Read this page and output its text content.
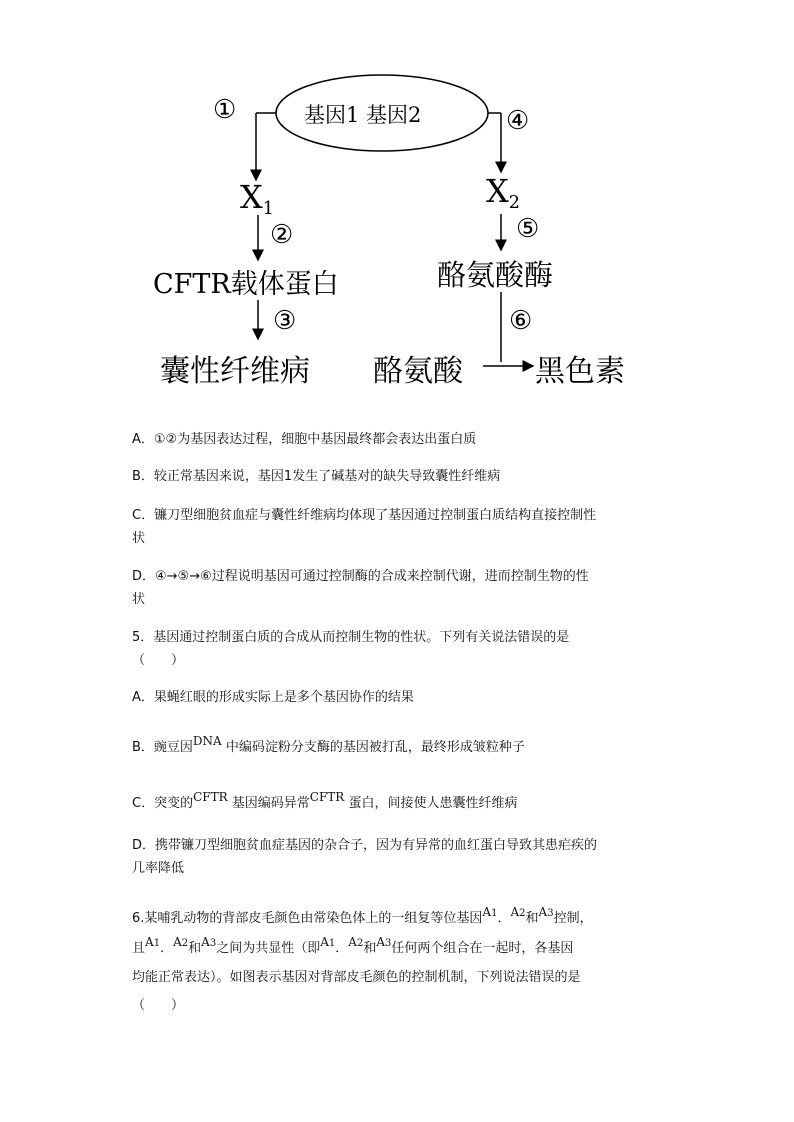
①	基因1 基因2	④
$X_1$	$X_2$
②	⑤
CFTR载体蛋白	酪氨酸酶
③	⑥
囊性纤维病 酪氨酸 黑色素
A．①②为基因表达过程，细胞中基因最终都会表达出蛋白质
B．较正常基因来说，基因1发生了碱基对的缺失导致囊性纤维病
C．镰刀型细胞贫血症与囊性纤维病均体现了基因通过控制蛋白质结构直接控制性
状
D．④→⑤→⑥过程说明基因可通过控制酶的合成来控制代谢，进而控制生物的性
状
5．基因通过控制蛋白质的合成从而控制生物的性状。下列有关说法错误的是
（　　）
A．果蝇红眼的形成实际上是多个基因协作的结果
B．豌豆因DNA 中编码淀粉分支酶的基因被打乱，最终形成皱粒种子
C．突变的CFTR 基因编码异常CFTR 蛋白，间接使人患囊性纤维病
D．携带镰刀型细胞贫血症基因的杂合子，因为有异常的血红蛋白导致其患疟疾的
几率降低
6.某哺乳动物的背部皮毛颜色由常染色体上的一组复等位基因A1．A2和A3控制，
且A1．A2和A3之间为共显性（即A1．A2和A3任何两个组合在一起时，各基因
均能正常表达）。如图表示基因对背部皮毛颜色的控制机制，下列说法错误的是
（　　）
